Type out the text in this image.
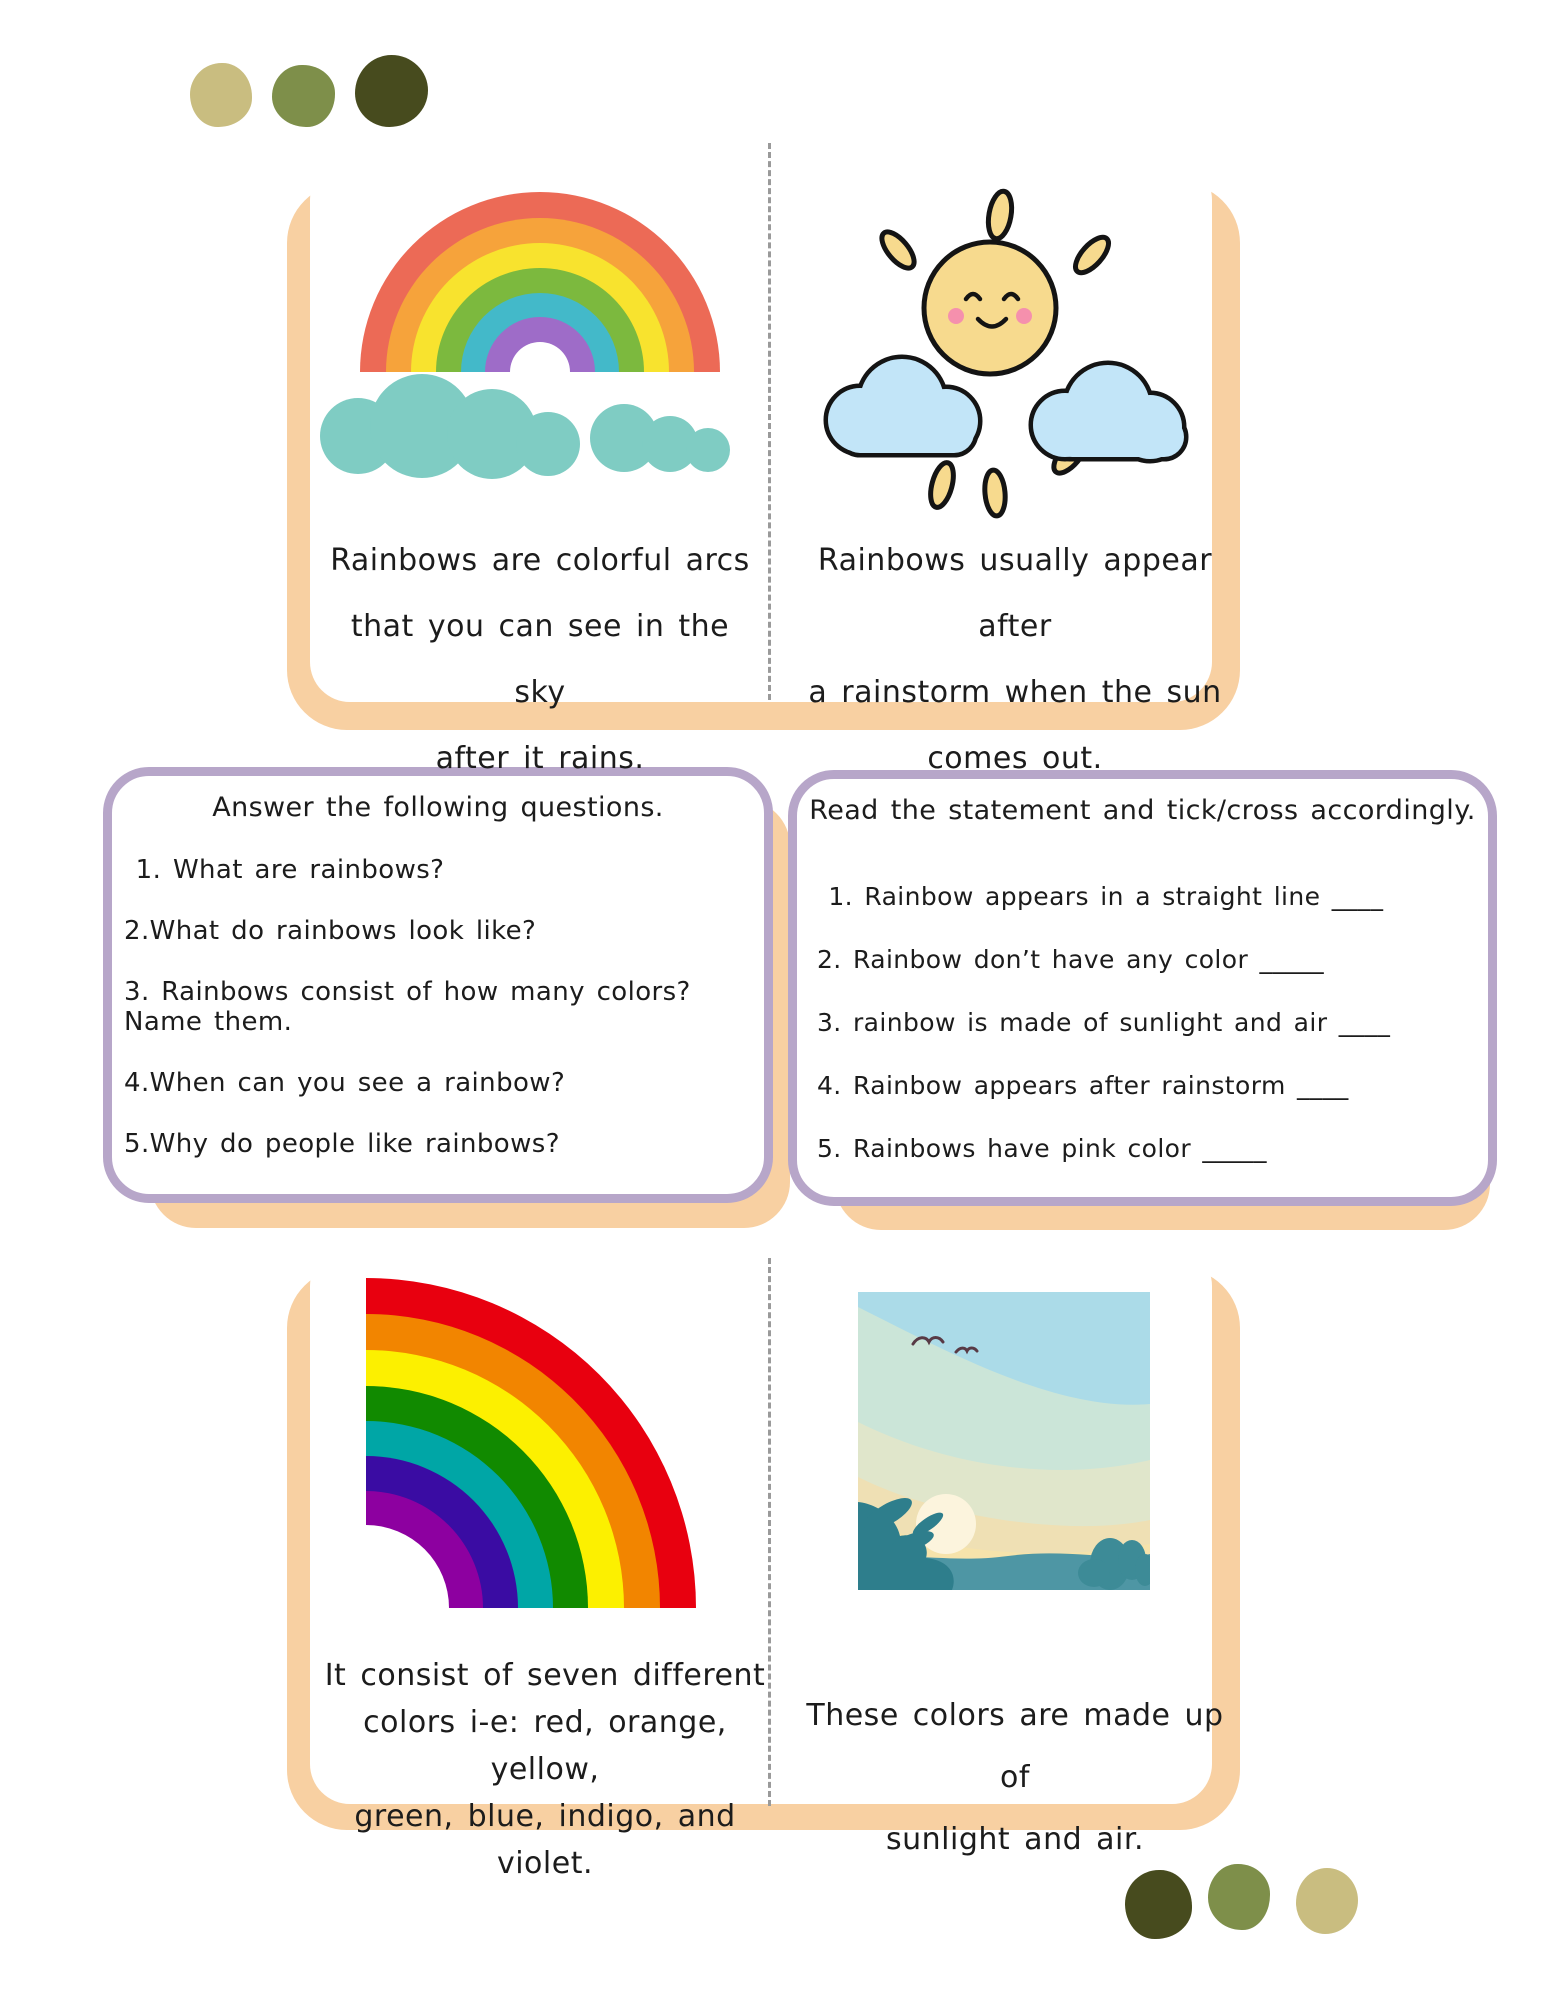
Rainbows are colorful arcs
that you can see in the sky
after it rains.
Rainbows usually appear after
a rainstorm when the sun
comes out.
Answer the following questions.
1. What are rainbows?
2.What do rainbows look like?
3. Rainbows consist of how many colors? Name them.
4.When can you see a rainbow?
5.Why do people like rainbows?
Read the statement and tick/cross accordingly.
1. Rainbow appears in a straight line ____
2. Rainbow don’t have any color _____
3. rainbow is made of sunlight and air ____
4. Rainbow appears after rainstorm ____
5. Rainbows have pink color _____
It consist of seven different
colors i-e: red, orange, yellow,
green, blue, indigo, and violet.
These colors are made up of
sunlight and air.
